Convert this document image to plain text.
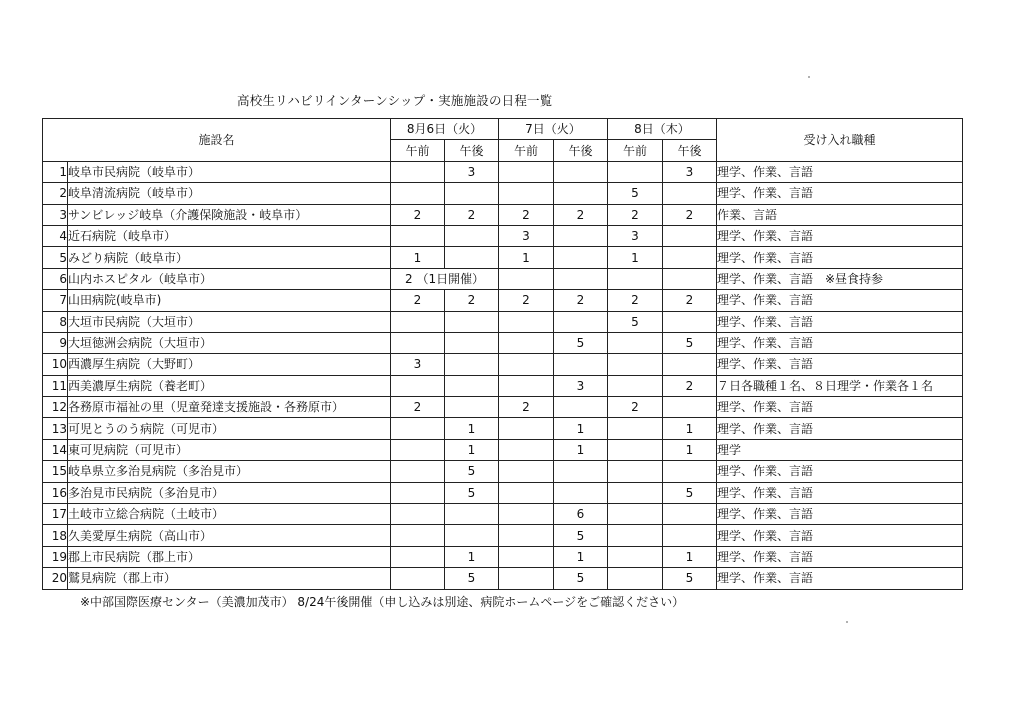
高校生リハビリインターンシップ・実施施設の日程一覧
施設名		8月6日（火）		7日（火）		8日（木）		受け入れ職種
		午前	午後	午前	午後	午前	午後	
1	岐阜市民病院（岐阜市）		3				3	理学、作業、言語
2	岐阜清流病院（岐阜市）					5		理学、作業、言語
3	サンビレッジ岐阜（介護保険施設・岐阜市）	2	2	2	2	2	2	作業、言語
4	近石病院（岐阜市）			3		3		理学、作業、言語
5	みどり病院（岐阜市）	1		1		1		理学、作業、言語
6	山内ホスピタル（岐阜市）	2 （1日開催）						理学、作業、言語　※昼食持参
7	山田病院(岐阜市)	2	2	2	2	2	2	理学、作業、言語
8	大垣市民病院（大垣市）					5		理学、作業、言語
9	大垣徳洲会病院（大垣市）				5		5	理学、作業、言語
10	西濃厚生病院（大野町）	3						理学、作業、言語
11	西美濃厚生病院（養老町）				3		2	７日各職種１名、８日理学・作業各１名
12	各務原市福祉の里（児童発達支援施設・各務原市）	2		2		2		理学、作業、言語
13	可児とうのう病院（可児市）		1		1		1	理学、作業、言語
14	東可児病院（可児市）		1		1		1	理学
15	岐阜県立多治見病院（多治見市）		5					理学、作業、言語
16	多治見市民病院（多治見市）		5				5	理学、作業、言語
17	土岐市立総合病院（土岐市）				6			理学、作業、言語
18	久美愛厚生病院（高山市）				5			理学、作業、言語
19	郡上市民病院（郡上市）		1		1		1	理学、作業、言語
20	鷲見病院（郡上市）		5		5		5	理学、作業、言語
※中部国際医療センター（美濃加茂市） 8/24午後開催（申し込みは別途、病院ホームページをご確認ください）
